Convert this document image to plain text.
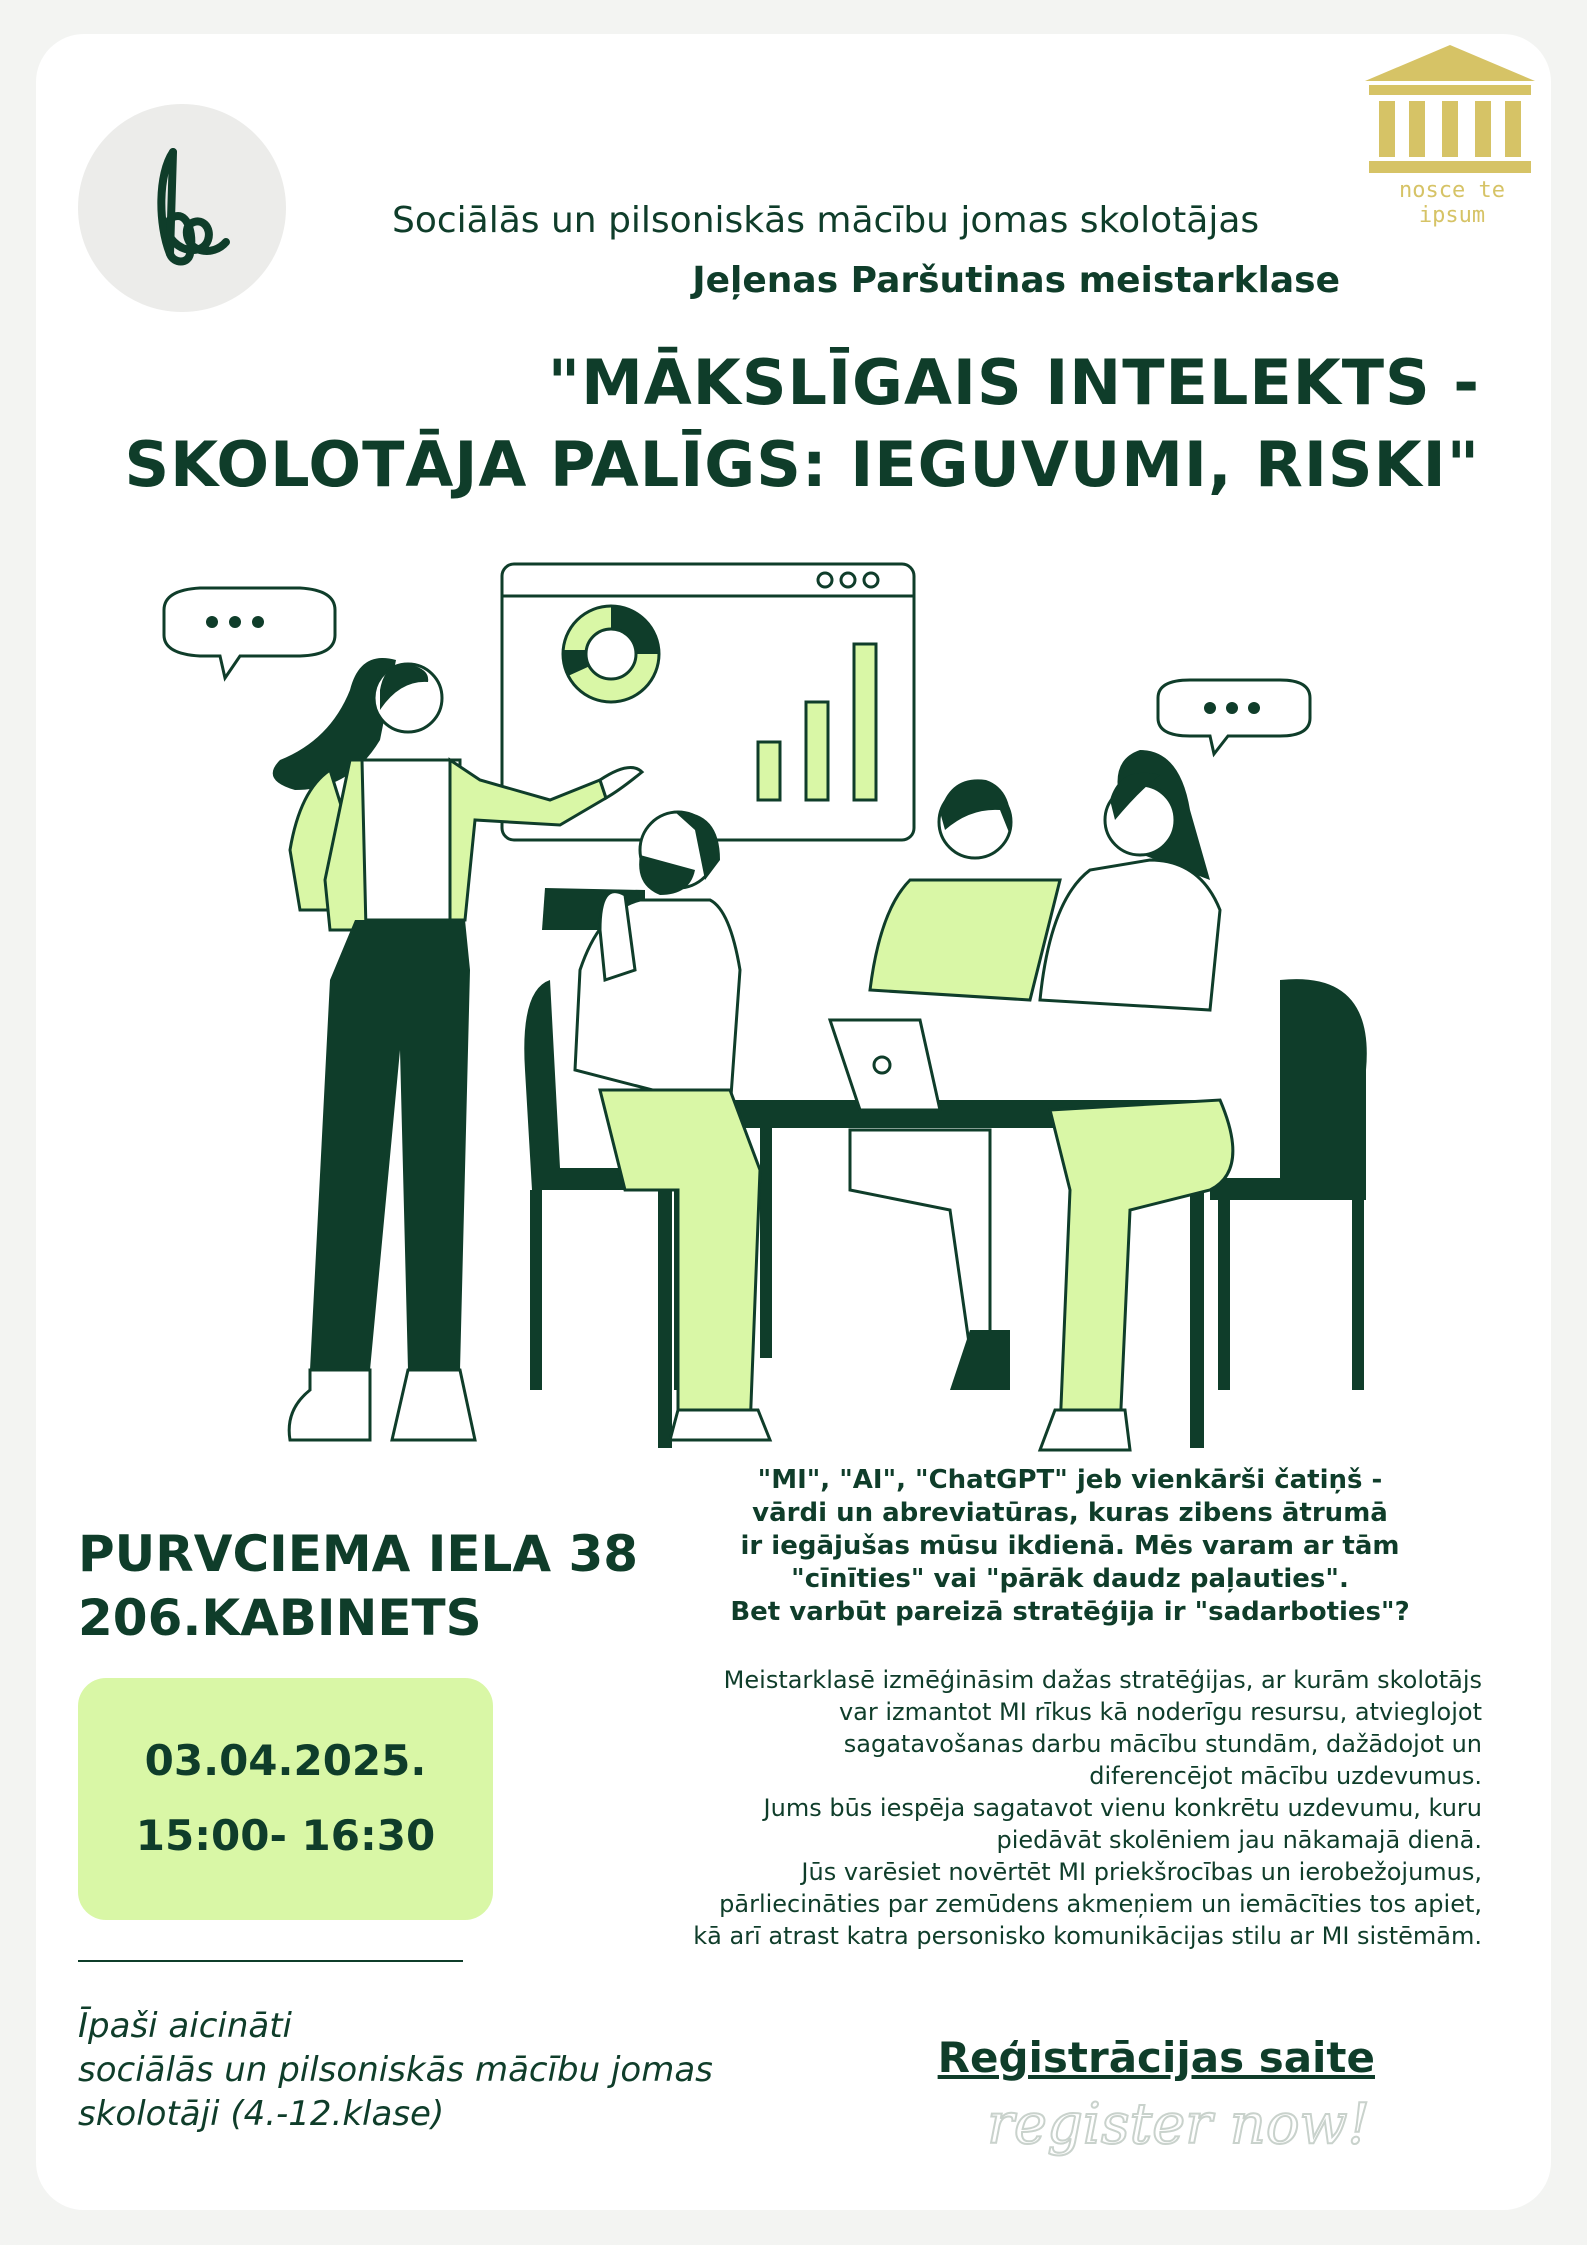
nosce te ipsum
Sociālās un pilsoniskās mācību jomas skolotājas
Jeļenas Paršutinas meistarklase
"MĀKSLĪGAIS INTELEKTS -
SKOLOTĀJA PALĪGS: IEGUVUMI, RISKI"
PURVCIEMA IELA 38
206.KABINETS
"MI", "AI", "ChatGPT" jeb vienkārši čatiņš -
vārdi un abreviatūras, kuras zibens ātrumā
ir iegājušas mūsu ikdienā. Mēs varam ar tām
"cīnīties" vai "pārāk daudz paļauties".
Bet varbūt pareizā stratēģija ir "sadarboties"?
Meistarklasē izmēģināsim dažas stratēģijas, ar kurām skolotājs
var izmantot MI rīkus kā noderīgu resursu, atvieglojot
sagatavošanas darbu mācību stundām, dažādojot un
diferencējot mācību uzdevumus.
Jums būs iespēja sagatavot vienu konkrētu uzdevumu, kuru
piedāvāt skolēniem jau nākamajā dienā.
Jūs varēsiet novērtēt MI priekšrocības un ierobežojumus,
pārliecināties par zemūdens akmeņiem un iemācīties tos apiet,
kā arī atrast katra personisko komunikācijas stilu ar MI sistēmām.
03.04.2025.
15:00- 16:30
Īpaši aicināti
sociālās un pilsoniskās mācību jomas
skolotāji (4.-12.klase)
Reģistrācijas saite
register now!
